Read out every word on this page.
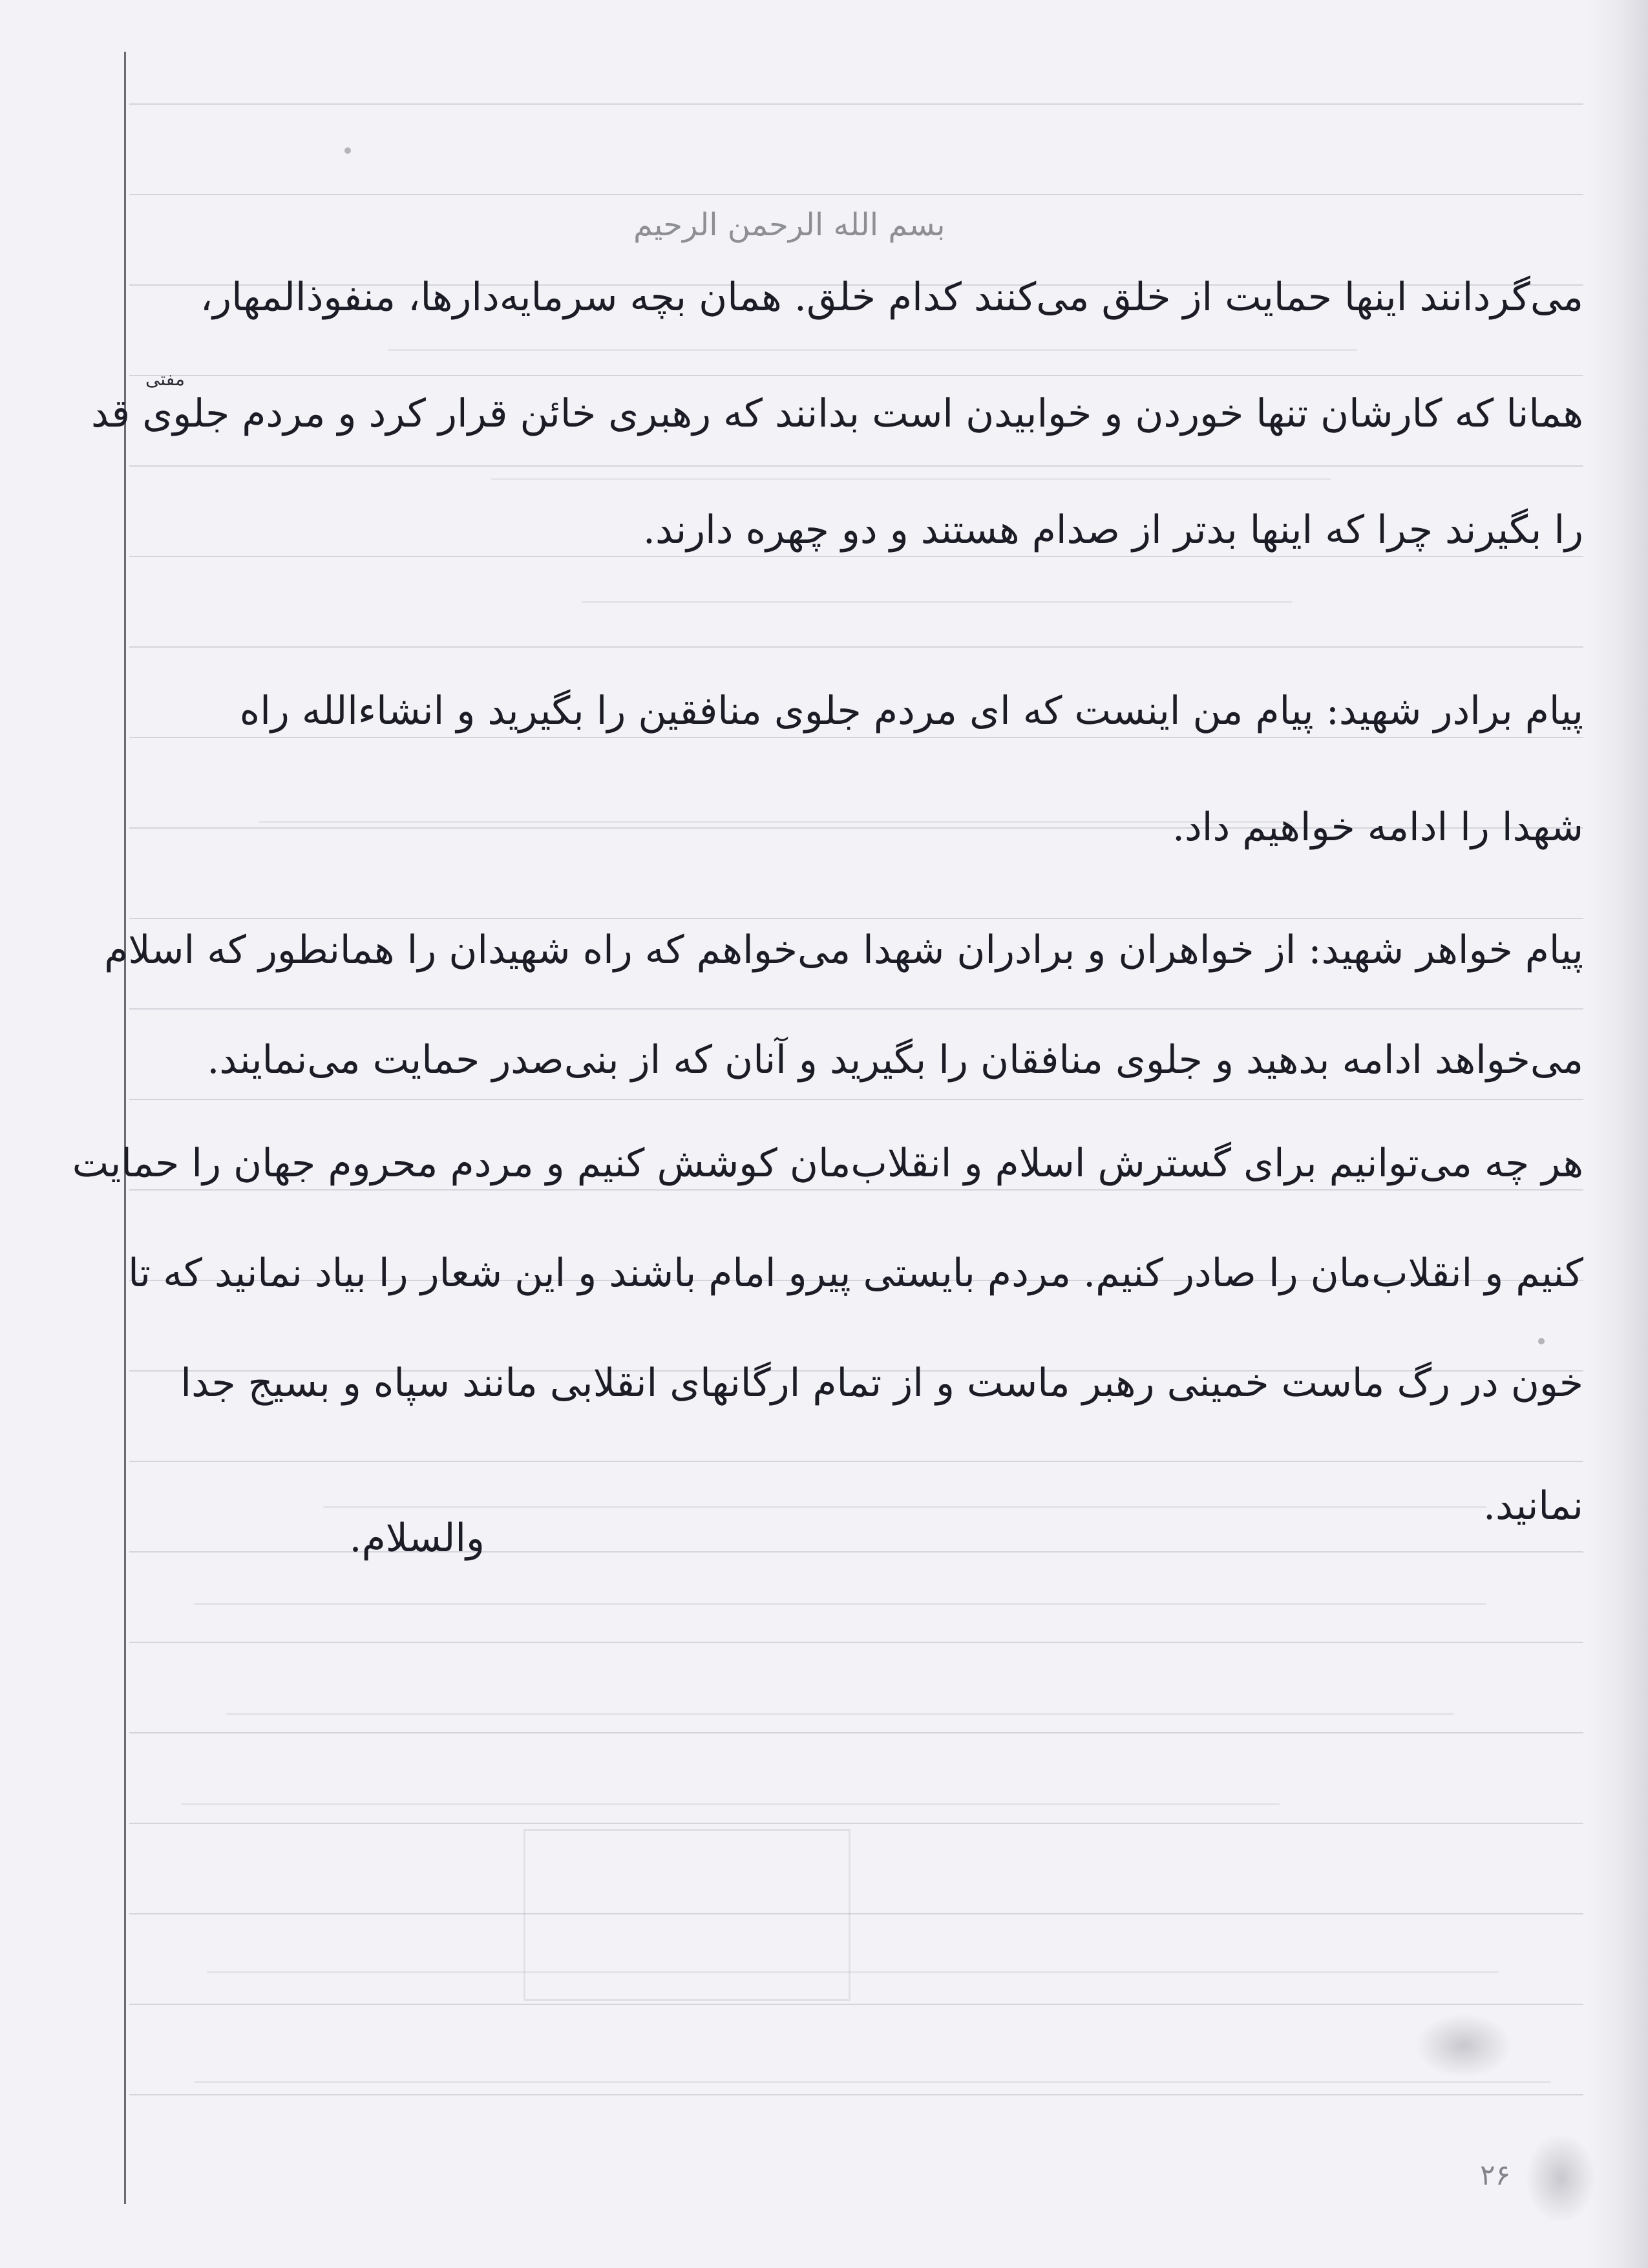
بسم الله الرحمن الرحیم
مفتی
می‌گردانند اینها حمایت از خلق می‌کنند کدام خلق. همان بچه سرمایه‌دارها، منفوذالمهار،
همانا که کارشان تنها خوردن و خوابیدن است بدانند که رهبری خائن قرار کرد و مردم جلوی قد
را بگیرند چرا که اینها بدتر از صدام هستند و دو چهره دارند.
پیام برادر شهید: پیام من اینست که ای مردم جلوی منافقین را بگیرید و انشاءالله راه
شهدا را ادامه خواهیم داد.
پیام خواهر شهید: از خواهران و برادران شهدا می‌خواهم که راه شهیدان را همانطور که اسلام
می‌خواهد ادامه بدهید و جلوی منافقان را بگیرید و آنان که از بنی‌صدر حمایت می‌نمایند.
هر چه می‌توانیم برای گسترش اسلام و انقلاب‌مان کوشش کنیم و مردم محروم جهان را حمایت
کنیم و انقلاب‌مان را صادر کنیم. مردم بایستی پیرو امام باشند و این شعار را بیاد نمانید که تا
خون در رگ ماست خمینی رهبر ماست و از تمام ارگانهای انقلابی مانند سپاه و بسیج جدا
نمانید.
والسلام.
۲۶
